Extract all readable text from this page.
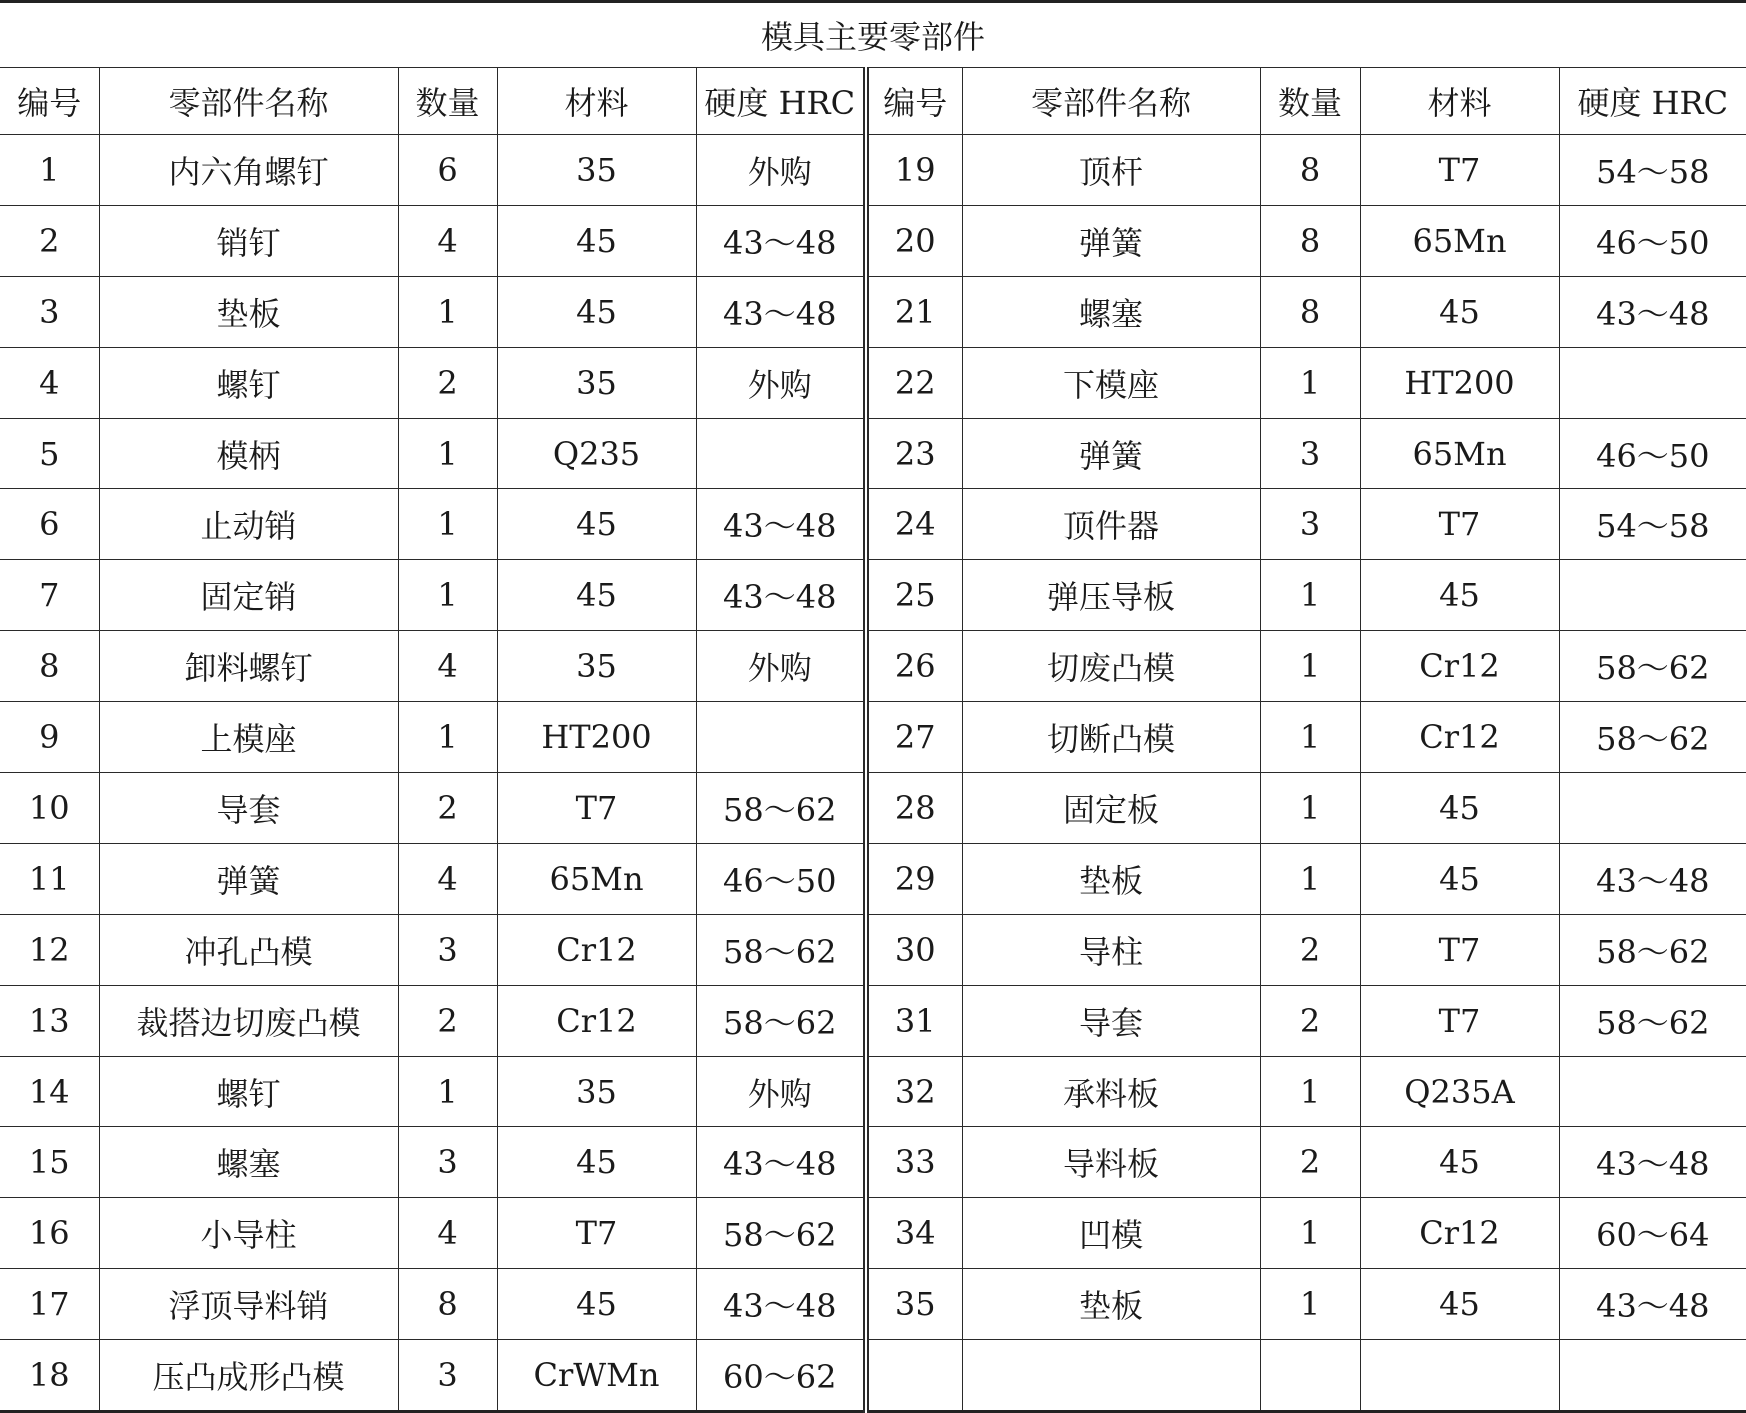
模具主要零部件									
编号	零部件名称	数量	材料	硬度 HRC	编号	零部件名称	数量	材料	硬度 HRC
1	内六角螺钉	6	35	外购	19	顶杆	8	T7	54～58
2	销钉	4	45	43～48	20	弹簧	8	65Mn	46～50
3	垫板	1	45	43～48	21	螺塞	8	45	43～48
4	螺钉	2	35	外购	22	下模座	1	HT200	
5	模柄	1	Q235		23	弹簧	3	65Mn	46～50
6	止动销	1	45	43～48	24	顶件器	3	T7	54～58
7	固定销	1	45	43～48	25	弹压导板	1	45	
8	卸料螺钉	4	35	外购	26	切废凸模	1	Cr12	58～62
9	上模座	1	HT200		27	切断凸模	1	Cr12	58～62
10	导套	2	T7	58～62	28	固定板	1	45	
11	弹簧	4	65Mn	46～50	29	垫板	1	45	43～48
12	冲孔凸模	3	Cr12	58～62	30	导柱	2	T7	58～62
13	裁搭边切废凸模	2	Cr12	58～62	31	导套	2	T7	58～62
14	螺钉	1	35	外购	32	承料板	1	Q235A	
15	螺塞	3	45	43～48	33	导料板	2	45	43～48
16	小导柱	4	T7	58～62	34	凹模	1	Cr12	60～64
17	浮顶导料销	8	45	43～48	35	垫板	1	45	43～48
18	压凸成形凸模	3	CrWMn	60～62					
